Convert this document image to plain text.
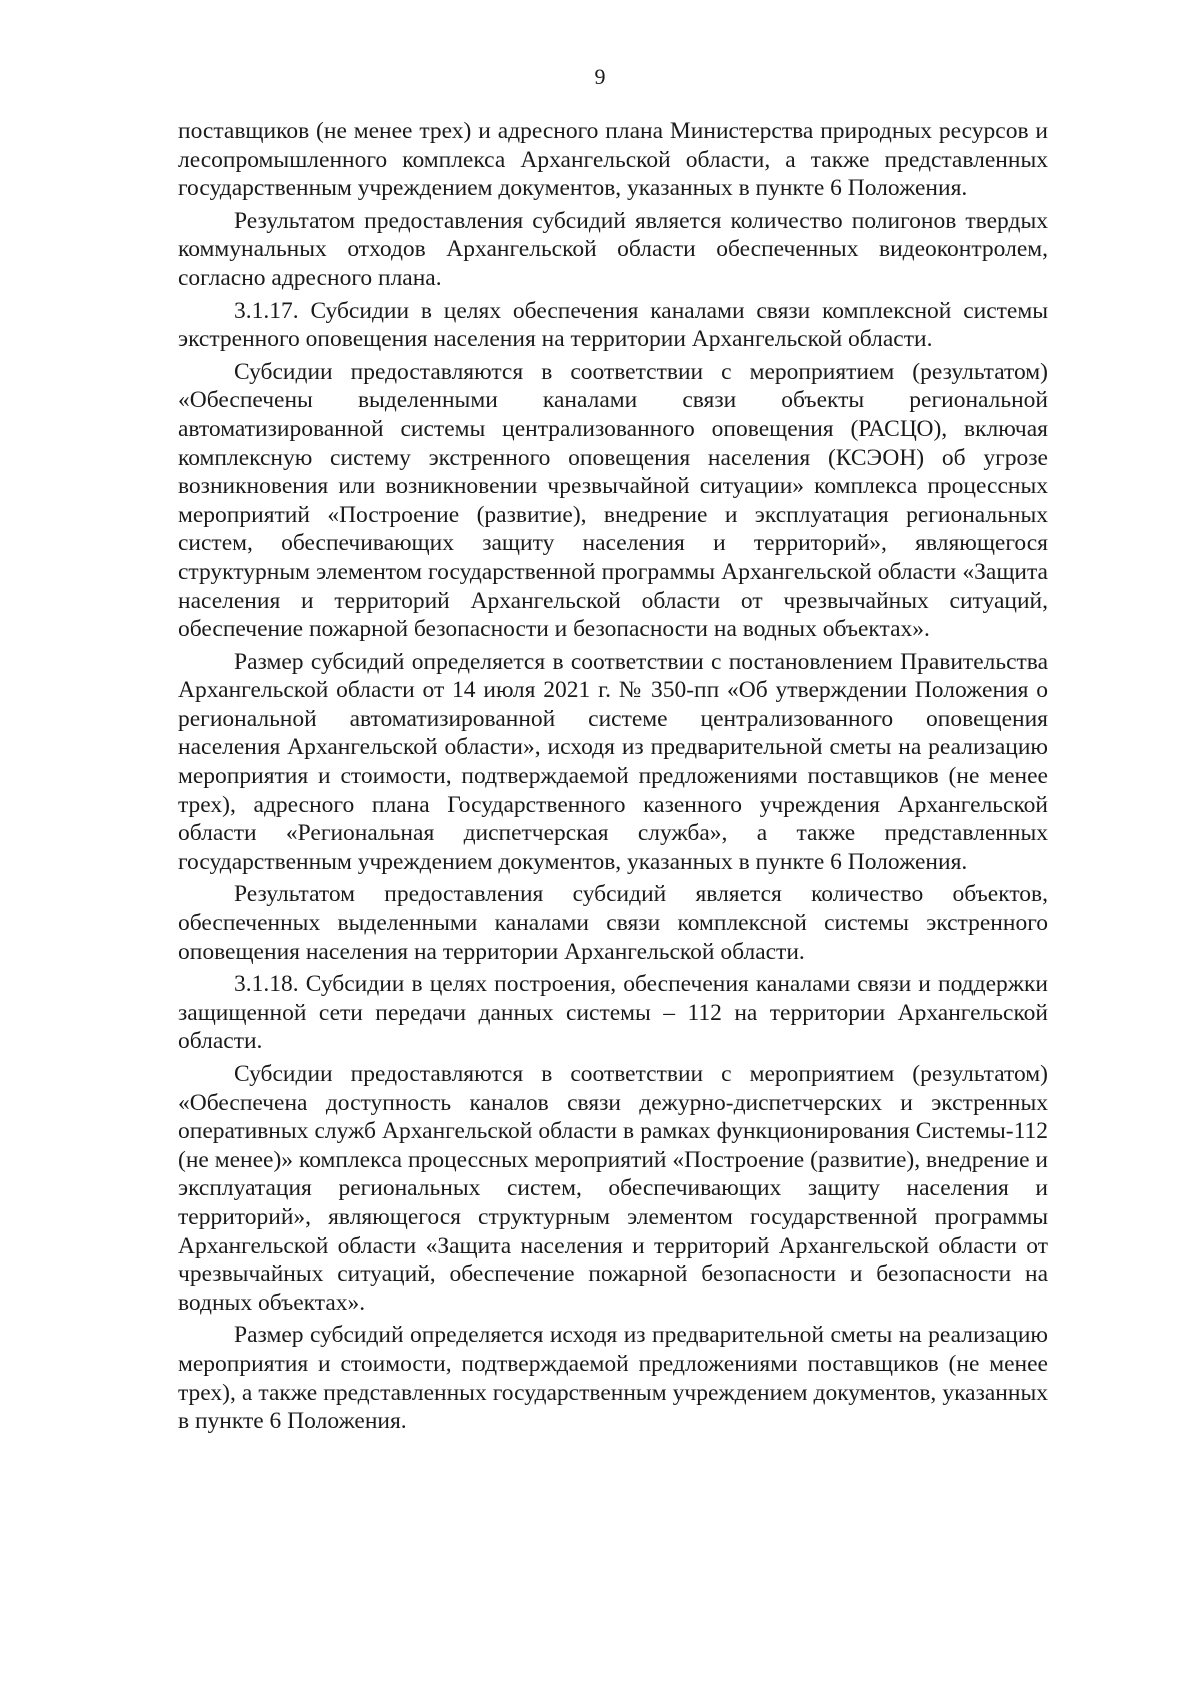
9

поставщиков (не менее трех) и адресного плана Министерства природных ресурсов и лесопромышленного комплекса Архангельской области, а также представленных государственным учреждением документов, указанных в пункте 6 Положения.

Результатом предоставления субсидий является количество полигонов твердых коммунальных отходов Архангельской области обеспеченных видеоконтролем, согласно адресного плана.

3.1.17. Субсидии в целях обеспечения каналами связи комплексной системы экстренного оповещения населения на территории Архангельской области.

Субсидии предоставляются в соответствии с мероприятием (результатом) «Обеспечены выделенными каналами связи объекты региональной автоматизированной системы централизованного оповещения (РАСЦО), включая комплексную систему экстренного оповещения населения (КСЭОН) об угрозе возникновения или возникновении чрезвычайной ситуации» комплекса процессных мероприятий «Построение (развитие), внедрение и эксплуатация региональных систем, обеспечивающих защиту населения и территорий», являющегося структурным элементом государственной программы Архангельской области «Защита населения и территорий Архангельской области от чрезвычайных ситуаций, обеспечение пожарной безопасности и безопасности на водных объектах».

Размер субсидий определяется в соответствии с постановлением Правительства Архангельской области от 14 июля 2021 г. № 350-пп «Об утверждении Положения о региональной автоматизированной системе централизованного оповещения населения Архангельской области», исходя из предварительной сметы на реализацию мероприятия и стоимости, подтверждаемой предложениями поставщиков (не менее трех), адресного плана Государственного казенного учреждения Архангельской области «Региональная диспетчерская служба», а также представленных государственным учреждением документов, указанных в пункте 6 Положения.

Результатом предоставления субсидий является количество объектов, обеспеченных выделенными каналами связи комплексной системы экстренного оповещения населения на территории Архангельской области.

3.1.18. Субсидии в целях построения, обеспечения каналами связи и поддержки защищенной сети передачи данных системы – 112 на территории Архангельской области.

Субсидии предоставляются в соответствии с мероприятием (результатом) «Обеспечена доступность каналов связи дежурно-диспетчерских и экстренных оперативных служб Архангельской области в рамках функционирования Системы-112 (не менее)» комплекса процессных мероприятий «Построение (развитие), внедрение и эксплуатация региональных систем, обеспечивающих защиту населения и территорий», являющегося структурным элементом государственной программы Архангельской области «Защита населения и территорий Архангельской области от чрезвычайных ситуаций, обеспечение пожарной безопасности и безопасности на водных объектах».

Размер субсидий определяется исходя из предварительной сметы на реализацию мероприятия и стоимости, подтверждаемой предложениями поставщиков (не менее трех), а также представленных государственным учреждением документов, указанных в пункте 6 Положения.
